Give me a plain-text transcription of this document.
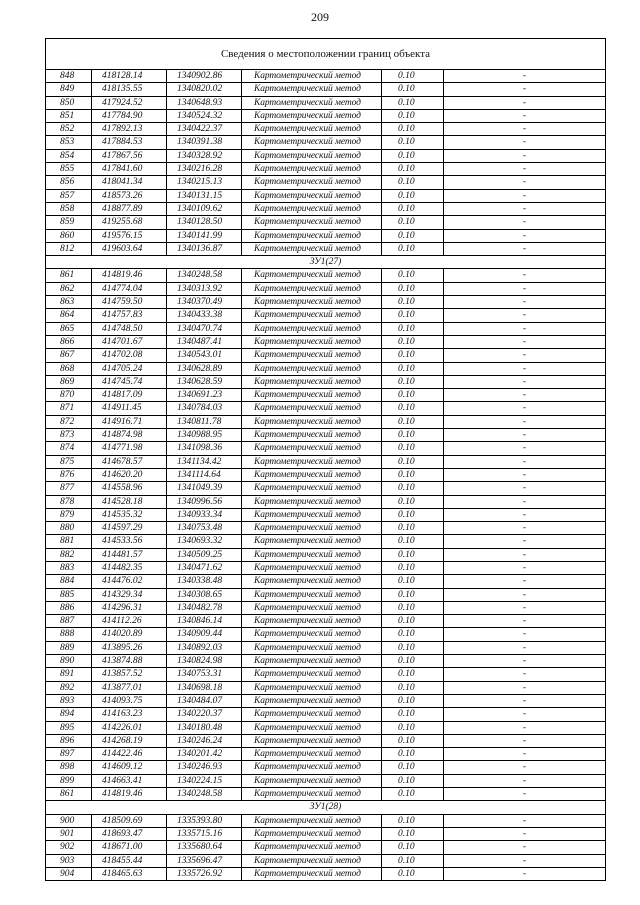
209
Сведения о местоположении границ объекта					
848	418128.14	1340902.86	Картометрический метод	0.10	-
849	418135.55	1340820.02	Картометрический метод	0.10	-
850	417924.52	1340648.93	Картометрический метод	0.10	-
851	417784.90	1340524.32	Картометрический метод	0.10	-
852	417892.13	1340422.37	Картометрический метод	0.10	-
853	417884.53	1340391.38	Картометрический метод	0.10	-
854	417867.56	1340328.92	Картометрический метод	0.10	-
855	417841.60	1340216.28	Картометрический метод	0.10	-
856	418041.34	1340215.13	Картометрический метод	0.10	-
857	418573.26	1340131.15	Картометрический метод	0.10	-
858	418877.89	1340109.62	Картометрический метод	0.10	-
859	419255.68	1340128.50	Картометрический метод	0.10	-
860	419576.15	1340141.99	Картометрический метод	0.10	-
812	419603.64	1340136.87	Картометрический метод	0.10	-
ЗУ1(27)					
861	414819.46	1340248.58	Картометрический метод	0.10	-
862	414774.04	1340313.92	Картометрический метод	0.10	-
863	414759.50	1340370.49	Картометрический метод	0.10	-
864	414757.83	1340433.38	Картометрический метод	0.10	-
865	414748.50	1340470.74	Картометрический метод	0.10	-
866	414701.67	1340487.41	Картометрический метод	0.10	-
867	414702.08	1340543.01	Картометрический метод	0.10	-
868	414705.24	1340628.89	Картометрический метод	0.10	-
869	414745.74	1340628.59	Картометрический метод	0.10	-
870	414817.09	1340691.23	Картометрический метод	0.10	-
871	414911.45	1340784.03	Картометрический метод	0.10	-
872	414916.71	1340811.78	Картометрический метод	0.10	-
873	414874.98	1340988.95	Картометрический метод	0.10	-
874	414771.98	1341098.36	Картометрический метод	0.10	-
875	414678.57	1341134.42	Картометрический метод	0.10	-
876	414620.20	1341114.64	Картометрический метод	0.10	-
877	414558.96	1341049.39	Картометрический метод	0.10	-
878	414528.18	1340996.56	Картометрический метод	0.10	-
879	414535.32	1340933.34	Картометрический метод	0.10	-
880	414597.29	1340753.48	Картометрический метод	0.10	-
881	414533.56	1340693.32	Картометрический метод	0.10	-
882	414481.57	1340509.25	Картометрический метод	0.10	-
883	414482.35	1340471.62	Картометрический метод	0.10	-
884	414476.02	1340338.48	Картометрический метод	0.10	-
885	414329.34	1340308.65	Картометрический метод	0.10	-
886	414296.31	1340482.78	Картометрический метод	0.10	-
887	414112.26	1340846.14	Картометрический метод	0.10	-
888	414020.89	1340909.44	Картометрический метод	0.10	-
889	413895.26	1340892.03	Картометрический метод	0.10	-
890	413874.88	1340824.98	Картометрический метод	0.10	-
891	413857.52	1340753.31	Картометрический метод	0.10	-
892	413877.01	1340698.18	Картометрический метод	0.10	-
893	414093.75	1340484.07	Картометрический метод	0.10	-
894	414163.23	1340220.37	Картометрический метод	0.10	-
895	414226.01	1340180.48	Картометрический метод	0.10	-
896	414268.19	1340246.24	Картометрический метод	0.10	-
897	414422.46	1340201.42	Картометрический метод	0.10	-
898	414609.12	1340246.93	Картометрический метод	0.10	-
899	414663.41	1340224.15	Картометрический метод	0.10	-
861	414819.46	1340248.58	Картометрический метод	0.10	-
ЗУ1(28)					
900	418509.69	1335393.80	Картометрический метод	0.10	-
901	418693.47	1335715.16	Картометрический метод	0.10	-
902	418671.00	1335680.64	Картометрический метод	0.10	-
903	418455.44	1335696.47	Картометрический метод	0.10	-
904	418465.63	1335726.92	Картометрический метод	0.10	-
